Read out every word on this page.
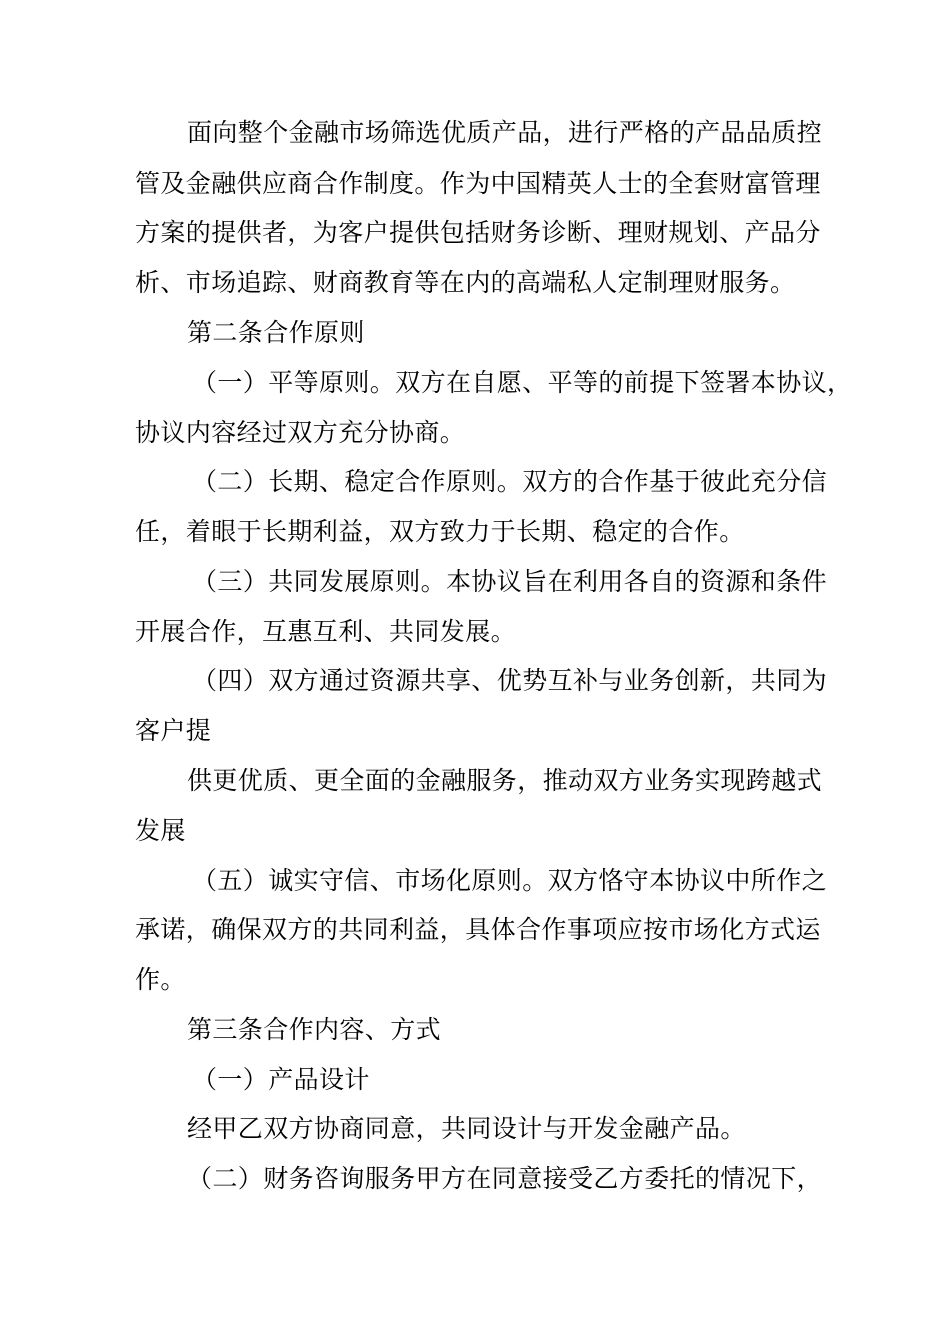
面向整个金融市场筛选优质产品，进行严格的产品品质控
管及金融供应商合作制度。作为中国精英人士的全套财富管理
方案的提供者，为客户提供包括财务诊断、理财规划、产品分
析、市场追踪、财商教育等在内的高端私人定制理财服务。
第二条合作原则
（一）平等原则。双方在自愿、平等的前提下签署本协议，
协议内容经过双方充分协商。
（二）长期、稳定合作原则。双方的合作基于彼此充分信
任，着眼于长期利益，双方致力于长期、稳定的合作。
（三）共同发展原则。本协议旨在利用各自的资源和条件
开展合作，互惠互利、共同发展。
（四）双方通过资源共享、优势互补与业务创新，共同为
客户提
供更优质、更全面的金融服务，推动双方业务实现跨越式
发展
（五）诚实守信、市场化原则。双方恪守本协议中所作之
承诺，确保双方的共同利益，具体合作事项应按市场化方式运
作。
第三条合作内容、方式
（一）产品设计
经甲乙双方协商同意，共同设计与开发金融产品。
（二）财务咨询服务甲方在同意接受乙方委托的情况下，
